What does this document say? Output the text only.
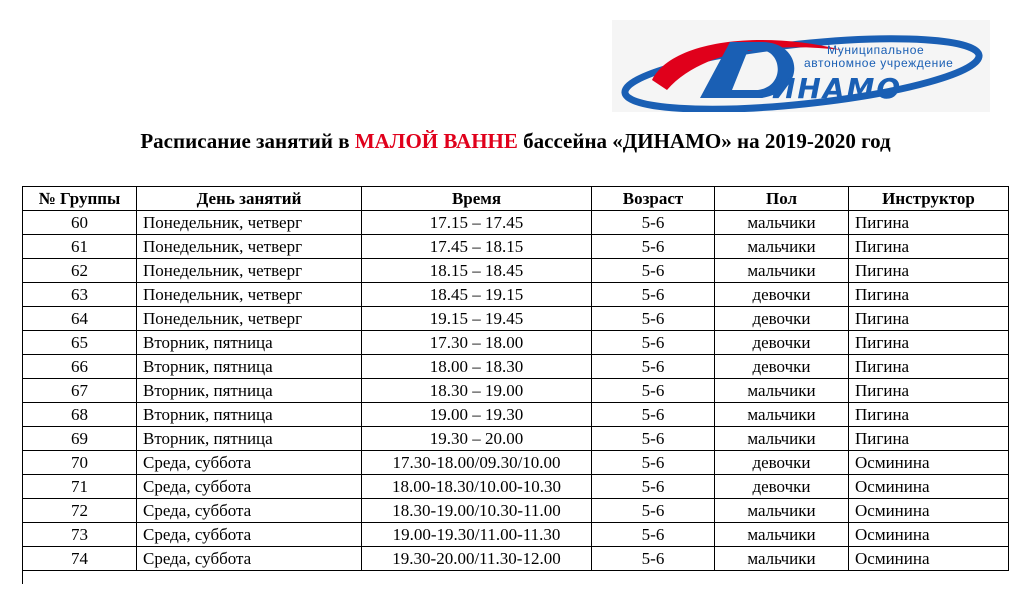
ИНАМО
Муниципальное
автономное учреждение
Расписание занятий в МАЛОЙ ВАННЕ бассейна «ДИНАМО» на 2019-2020 год
№ Группы	День занятий	Время	Возраст	Пол	Инструктор
60	Понедельник, четверг	17.15 – 17.45	5-6	мальчики	Пигина
61	Понедельник, четверг	17.45 – 18.15	5-6	мальчики	Пигина
62	Понедельник, четверг	18.15 – 18.45	5-6	мальчики	Пигина
63	Понедельник, четверг	18.45 – 19.15	5-6	девочки	Пигина
64	Понедельник, четверг	19.15 – 19.45	5-6	девочки	Пигина
65	Вторник, пятница	17.30 – 18.00	5-6	девочки	Пигина
66	Вторник, пятница	18.00 – 18.30	5-6	девочки	Пигина
67	Вторник, пятница	18.30 – 19.00	5-6	мальчики	Пигина
68	Вторник, пятница	19.00 – 19.30	5-6	мальчики	Пигина
69	Вторник, пятница	19.30 – 20.00	5-6	мальчики	Пигина
70	Среда, суббота	17.30-18.00/09.30/10.00	5-6	девочки	Осминина
71	Среда, суббота	18.00-18.30/10.00-10.30	5-6	девочки	Осминина
72	Среда, суббота	18.30-19.00/10.30-11.00	5-6	мальчики	Осминина
73	Среда, суббота	19.00-19.30/11.00-11.30	5-6	мальчики	Осминина
74	Среда, суббота	19.30-20.00/11.30-12.00	5-6	мальчики	Осминина
